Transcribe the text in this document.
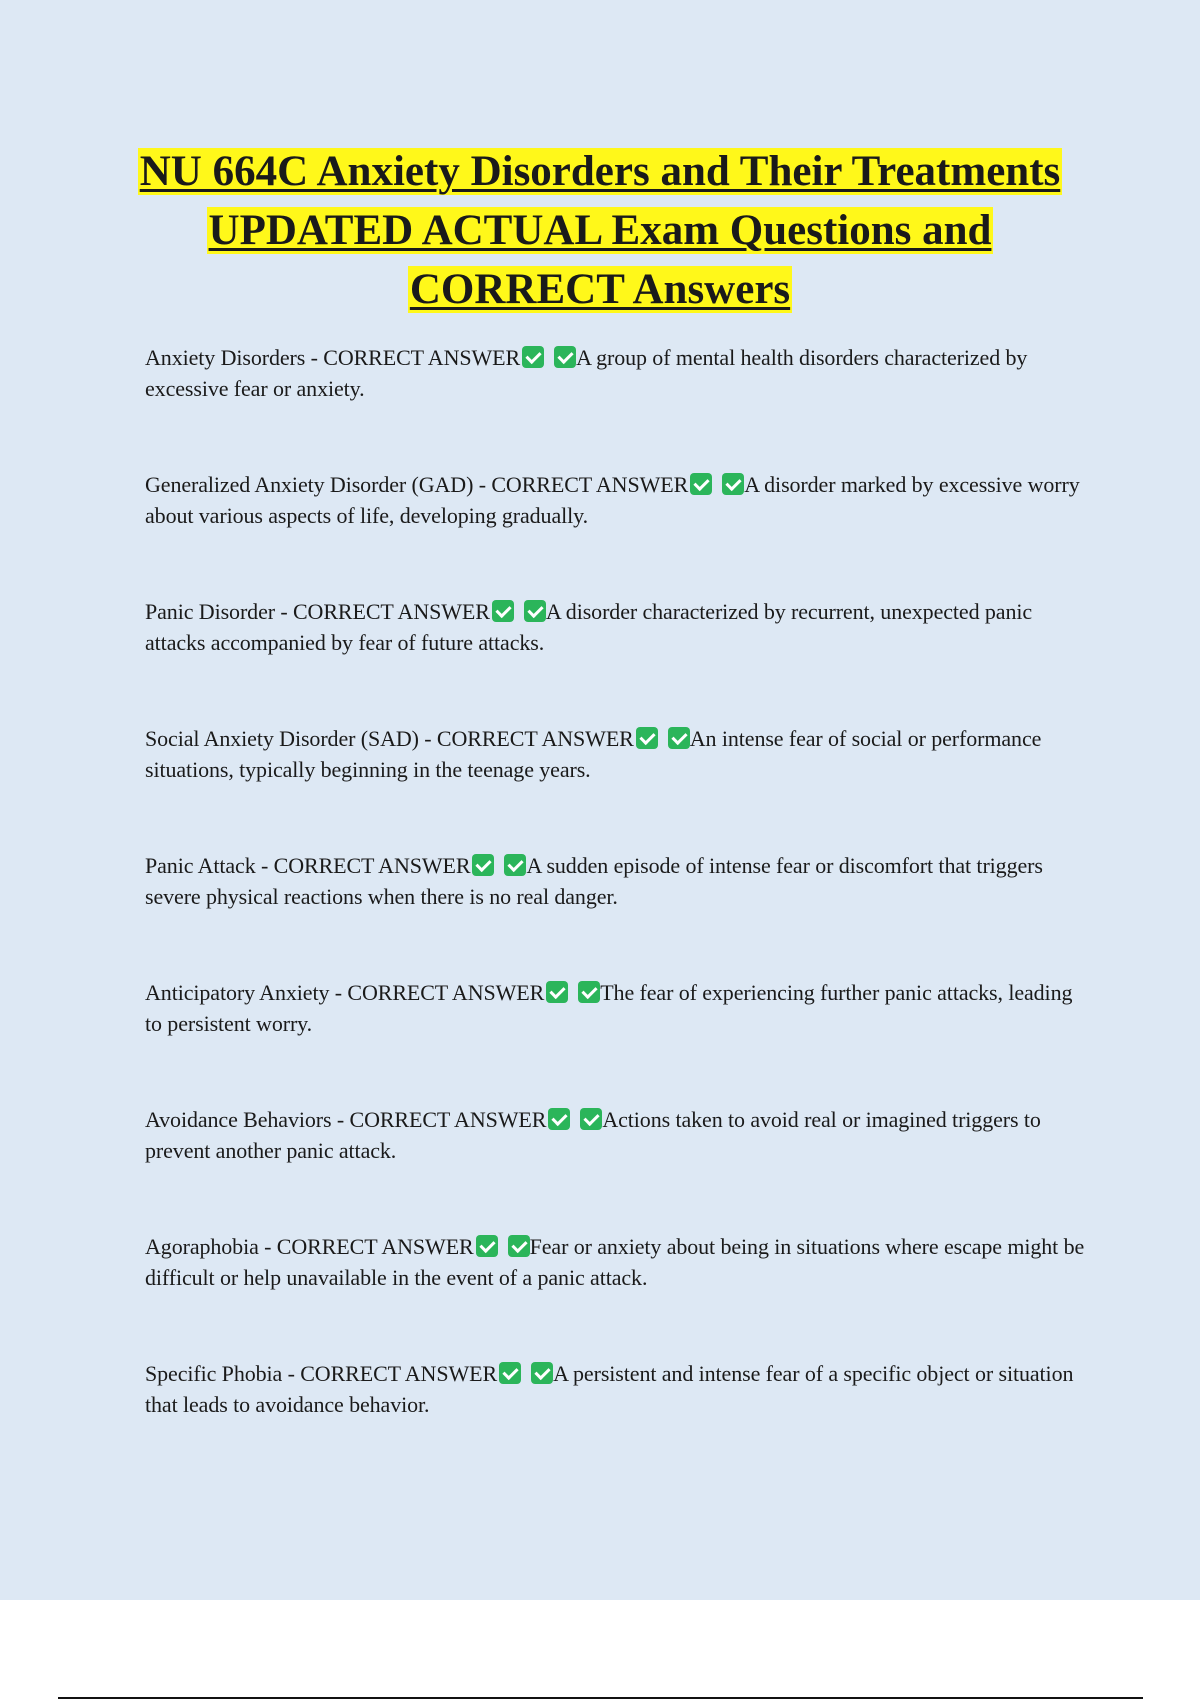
NU 664C Anxiety Disorders and Their Treatments UPDATED ACTUAL Exam Questions and CORRECT Answers
Anxiety Disorders - CORRECT ANSWER	A group of mental health disorders characterized by excessive fear or anxiety.
Generalized Anxiety Disorder (GAD) - CORRECT ANSWER	A disorder marked by excessive worry about various aspects of life, developing gradually.
Panic Disorder - CORRECT ANSWER	A disorder characterized by recurrent, unexpected panic attacks accompanied by fear of future attacks.
Social Anxiety Disorder (SAD) - CORRECT ANSWER	An intense fear of social or performance situations, typically beginning in the teenage years.
Panic Attack - CORRECT ANSWER	A sudden episode of intense fear or discomfort that triggers severe physical reactions when there is no real danger.
Anticipatory Anxiety - CORRECT ANSWER	The fear of experiencing further panic attacks, leading to persistent worry.
Avoidance Behaviors - CORRECT ANSWER	Actions taken to avoid real or imagined triggers to prevent another panic attack.
Agoraphobia - CORRECT ANSWER	Fear or anxiety about being in situations where escape might be difficult or help unavailable in the event of a panic attack.
Specific Phobia - CORRECT ANSWER	A persistent and intense fear of a specific object or situation that leads to avoidance behavior.
